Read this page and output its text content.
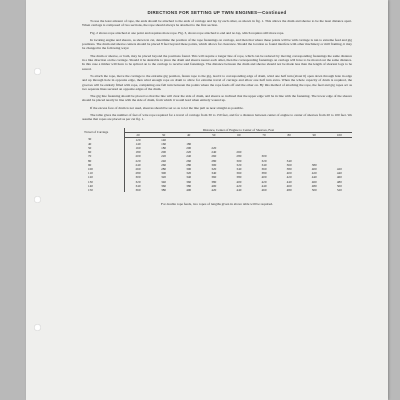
DIRECTIONS FOR SETTING UP TWIN ENGINES—Continued

To use the least amount of rope, the ends should be attached to the ends of carriage and lap by each other, as shown in fig. 1. This allows the drum and sheave to be the least distance apart. When carriage is composed of two sections, the rope should always be attached to the first section.

Fig. 2 shows rope attached at one point and requires more rope. Fig. 3, shows rope attached to end and no lap, which requires still more rope.

In locating engine and sheave, as shown in cut, determine the position of the rope fastenings on carriage, and then that where these points will be with carriage is run to extreme feed and gig positions. The drum and sheave centers should be placed 8 feet beyond these points, which allows for clearance. Should the location so found interfere with other machinery or mill framing, it may be changed in the following ways:

The drum or sheave, or both, may be placed beyond the positions found. This will require a longer line of rope, which can be reduced by moving corresponding fastenings the same distance in a like direction on the carriage. Should it be desirable to place the drum and sheave nearer each other, then the corresponding fastenings on carriage will have to be moved out the same distance. In this case a timber will have to be spliced on to the carriage to receive said fastenings. The distance between the drum and sheave should not be made less than the length of shortest logs to be sawed.

To attach the rope, move the carriage to the extreme gig position, fasten rope to the gig, lead it to corresponding edge of drum, wind one half turn (about 6) open down through hole in edge and up through hole in opposite edge, then wind enough rope on drum to allow for extreme travel of carriage and allow one half turn extra. When the whole capacity of drum is required, the grooves will be entirely filled with rope, completing one full turn between the points where the rope feeds off and the other on. By this method of attaching the rope, the feed and gig ropes act as two separate lines secured on opposite edges of the drum.

The gig line fastening should be placed so that the line will clear the side of drum, and sheave so inclined that the upper edge will be in line with the fastening. The lower edge of the sheave should be placed nearly in line with the side of drum, from which it would lead when entirely wound up.

If the excess face of drum is not used, sheaves should be set so as to let the line pull as near straight as possible.

The table gives the number of feet of wire rope required for a travel of carriage from 30 to 150 feet, and for a distance between center of engine to center of sheaves from 20 to 100 feet. We assume that ropes are placed as per cut fig. 1.

Travel of Carriage	Distance, Center of Engine to Center of Sheaves, Feet								
	20	30	40	50	60	70	80	90	100
30	120	140							
40	140	160	180						
50	160	180	200	220					
60	180	200	220	240	260				
70	200	220	240	260	280	300			
80	220	240	260	280	300	320	340		
90	240	260	280	300	320	340	360	380	
100	260	280	300	320	340	360	380	400	420
110	280	300	320	340	360	380	400	420	440
120	300	320	340	360	380	400	420	440	460
130	320	340	360	380	400	420	440	460	480
140	340	360	380	400	420	440	460	480	500
150	360	380	400	420	440	460	480	500	520

For double rope feeds, two ropes of lengths given in above table will be required.
